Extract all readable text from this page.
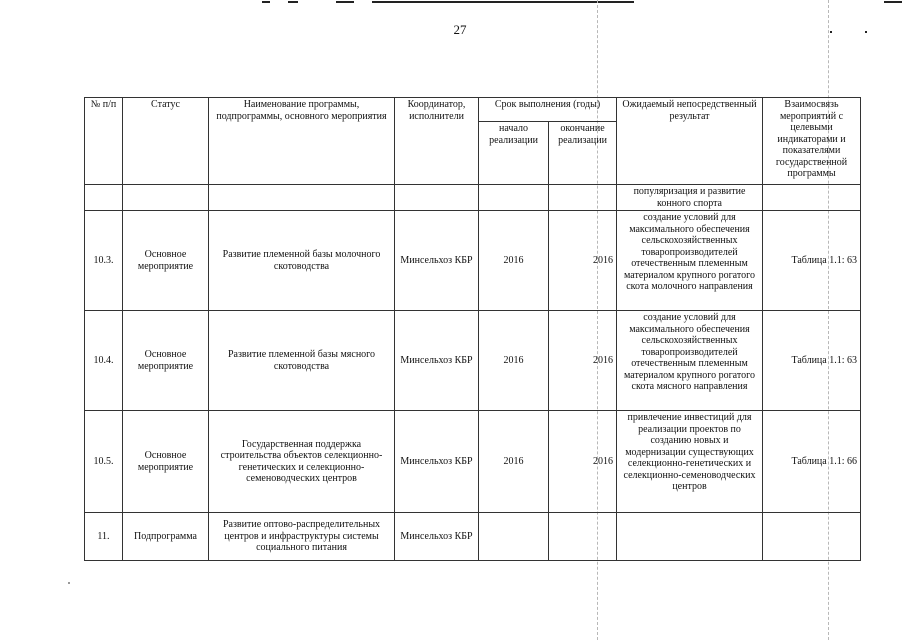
27
№ п/п	Статус	Наименование программы, подпрограммы, основного мероприятия	Координатор, исполнители	Срок выполнения (годы)		Ожидаемый непосредственный результат	Взаимосвязь мероприятий с целевыми индикаторами и показателями государственной программы
				начало реализации	окончание реализации		
						популяризация и развитие конного спорта	
10.3.	Основное мероприятие	Развитие племенной базы молочного скотоводства	Минсельхоз КБР	2016	2016	создание условий для максимального обеспечения сельскохозяйственных товаропроизводителей отечественным племенным материалом крупного рогатого скота молочного направления	Таблица 1.1: 63
10.4.	Основное мероприятие	Развитие племенной базы мясного скотоводства	Минсельхоз КБР	2016	2016	создание условий для максимального обеспечения сельскохозяйственных товаропроизводителей отечественным племенным материалом крупного рогатого скота мясного направления	Таблица 1.1: 63
10.5.	Основное мероприятие	Государственная поддержка строительства объектов селекционно-генетических и селекционно-семеноводческих центров	Минсельхоз КБР	2016	2016	привлечение инвестиций для реализации проектов по созданию новых и модернизации существующих селекционно-генетических и селекционно-семеноводческих центров	Таблица 1.1: 66
11.	Подпрограмма	Развитие оптово-распределительных центров и инфраструктуры системы социального питания	Минсельхоз КБР				
